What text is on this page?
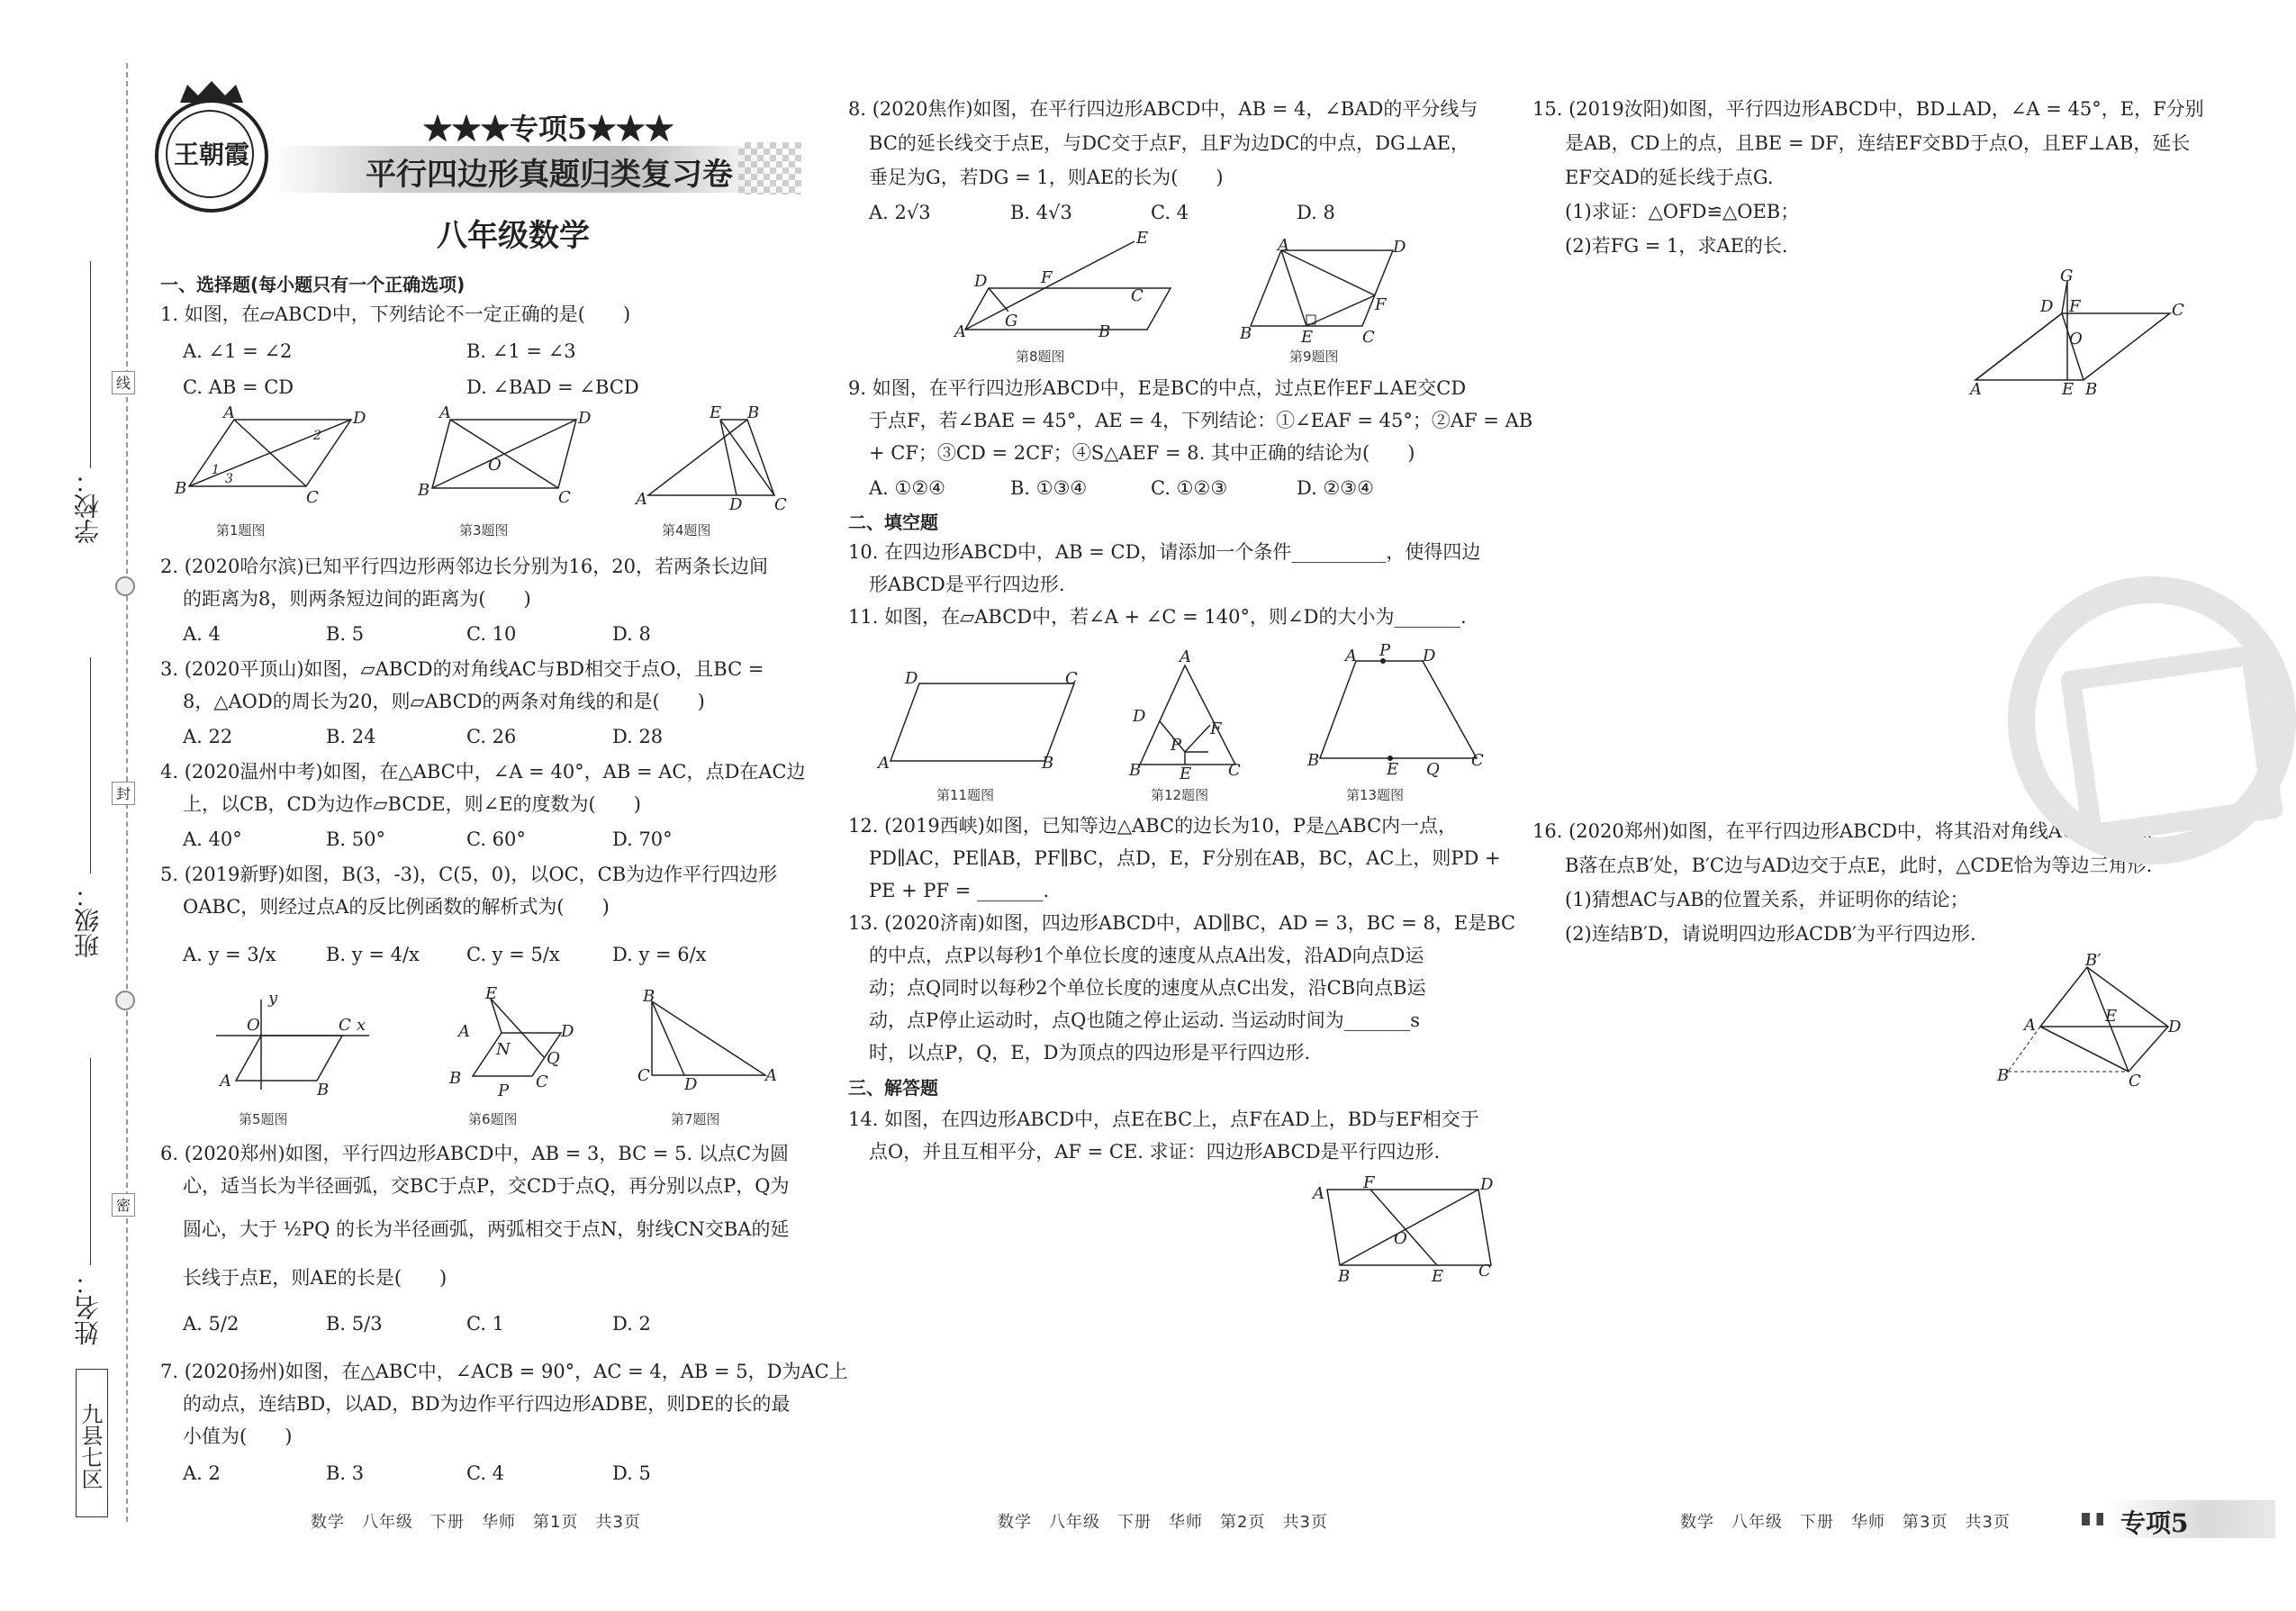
线
封
密
学校：
班级：
姓名：
九县七区
王朝霞
★★★专项5★★★
平行四边形真题归类复习卷
八年级数学
一、选择题(每小题只有一个正确选项)
1. 如图，在▱ABCD中，下列结论不一定正确的是(　　)
A. ∠1 = ∠2	B. ∠1 = ∠3
C. AB = CD	D. ∠BAD = ∠BCD
A	D
B	C
1
3
2
第1题图
A	D
B	C
O
第3题图
E B
A	D C
第4题图
2. (2020哈尔滨)已知平行四边形两邻边长分别为16，20，若两条长边间
的距离为8，则两条短边间的距离为(　　)
A. 4	B. 5	C. 10	D. 8
3. (2020平顶山)如图，▱ABCD的对角线AC与BD相交于点O，且BC =
8，△AOD的周长为20，则▱ABCD的两条对角线的和是(　　)
A. 22	B. 24	C. 26	D. 28
4. (2020温州中考)如图，在△ABC中，∠A = 40°，AB = AC，点D在AC边
上，以CB，CD为边作▱BCDE，则∠E的度数为(　　)
A. 40°	B. 50°	C. 60°	D. 70°
5. (2019新野)如图，B(3，-3)，C(5，0)，以OC，CB为边作平行四边形
OABC，则经过点A的反比例函数的解析式为(　　)
A. y = 3/x	B. y = 4/x C. y = 5/x	D. y = 6/x
y
x
O	C
A	B
第5题图
E
A	D
B	C
P
Q
N
第6题图
B
C D	A
第7题图
6. (2020郑州)如图，平行四边形ABCD中，AB = 3，BC = 5. 以点C为圆
心，适当长为半径画弧，交BC于点P，交CD于点Q，再分别以点P，Q为
圆心，大于 ½PQ 的长为半径画弧，两弧相交于点N，射线CN交BA的延
长线于点E，则AE的长是(　　)
A. 5/2	B. 5/3	C. 1	D. 2
7. (2020扬州)如图，在△ABC中，∠ACB = 90°，AC = 4，AB = 5，D为AC上
的动点，连结BD，以AD，BD为边作平行四边形ADBE，则DE的长的最
小值为(　　)
A. 2	B. 3	C. 4	D. 5
数学　八年级　下册　华师　第1页　共3页
8. (2020焦作)如图，在平行四边形ABCD中，AB = 4，∠BAD的平分线与
BC的延长线交于点E，与DC交于点F，且F为边DC的中点，DG⊥AE，
垂足为G，若DG = 1，则AE的长为(　　)
A. 2√3	B. 4√3	C. 4	D. 8
D	F
E
A
G
B
C
第8题图
A	D
B	E	C
F
第9题图
9. 如图，在平行四边形ABCD中，E是BC的中点，过点E作EF⊥AE交CD
于点F，若∠BAE = 45°，AE = 4，下列结论：①∠EAF = 45°；②AF = AB
+ CF；③CD = 2CF；④S△AEF = 8. 其中正确的结论为(　　)
A. ①②④	B. ①③④	C. ①②③	D. ②③④
二、填空题
10. 在四边形ABCD中，AB = CD，请添加一个条件__________，使得四边
形ABCD是平行四边形.
11. 如图，在▱ABCD中，若∠A + ∠C = 140°，则∠D的大小为_______.
D	C
A	B
第11题图
A
D
F
P
B E C
第12题图
A P D
B	E Q C
第13题图
12. (2019西峡)如图，已知等边△ABC的边长为10，P是△ABC内一点，
PD∥AC，PE∥AB，PF∥BC，点D，E，F分别在AB，BC，AC上，则PD +
PE + PF = _______.
13. (2020济南)如图，四边形ABCD中，AD∥BC，AD = 3，BC = 8，E是BC
的中点，点P以每秒1个单位长度的速度从点A出发，沿AD向点D运
动；点Q同时以每秒2个单位长度的速度从点C出发，沿CB向点B运
动，点P停止运动时，点Q也随之停止运动. 当运动时间为_______s
时，以点P，Q，E，D为顶点的四边形是平行四边形.
三、解答题
14. 如图，在四边形ABCD中，点E在BC上，点F在AD上，BD与EF相交于
点O，并且互相平分，AF = CE. 求证：四边形ABCD是平行四边形.
A
F	D
O
B	E C
数学　八年级　下册　华师　第2页　共3页
15. (2019汝阳)如图，平行四边形ABCD中，BD⊥AD，∠A = 45°，E，F分别
是AB，CD上的点，且BE = DF，连结EF交BD于点O，且EF⊥AB，延长
EF交AD的延长线于点G.
(1)求证：△OFD≌△OEB；
(2)若FG = 1，求AE的长.
G
D F	C
O
A	E B
16. (2020郑州)如图，在平行四边形ABCD中，将其沿对角线AC对折，点
B落在点B′处，B′C边与AD边交于点E，此时，△CDE恰为等边三角形.
(1)猜想AC与AB的位置关系，并证明你的结论；
(2)连结B′D，请说明四边形ACDB′为平行四边形.
B′
A	E
D
B	C
数学　八年级　下册　华师　第3页　共3页	专项5
